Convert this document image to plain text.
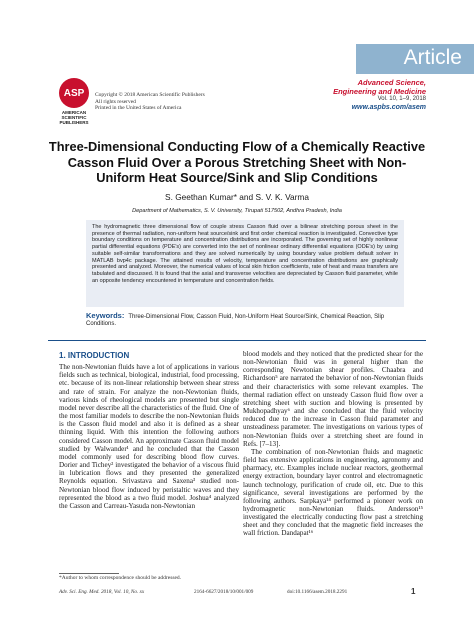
Article
ASP
AMERICAN SCIENTIFIC PUBLISHERS
Copyright © 2018 American Scientific Publishers
All rights reserved
Printed in the United States of America
Advanced Science,
Engineering and Medicine
Vol. 10, 1–9, 2018
www.aspbs.com/asem
Three-Dimensional Conducting Flow of a Chemically Reactive Casson Fluid Over a Porous Stretching Sheet with Non-Uniform Heat Source/Sink and Slip Conditions
S. Geethan Kumar* and S. V. K. Varma
Department of Mathematics, S. V. University, Tirupati 517502, Andhra Pradesh, India

The hydromagnetic three dimensional flow of couple stress Casson fluid over a bilinear stretching porous sheet in the presence of thermal radiation, non-uniform heat source/sink and first order chemical reaction is investigated. Convective type boundary conditions on temperature and concentration distributions are incorporated. The governing set of highly nonlinear partial differential equations (PDE's) are converted into the set of nonlinear ordinary differential equations (ODE's) by using suitable self-similar transformations and they are solved numerically by using boundary value problem default solver in MATLAB bvp4c package. The attained results of velocity, temperature and concentration distributions are graphically presented and analyzed. Moreover, the numerical values of local skin friction coefficients, rate of heat and mass transfers are tabulated and discussed. It is found that the axial and transverse velocities are depreciated by Casson fluid parameter, while an opposite tendency encountered in temperature and concentration fields.

Keywords: Three-Dimensional Flow, Casson Fluid, Non-Uniform Heat Source/Sink, Chemical Reaction, Slip Conditions.
1. INTRODUCTION

The non-Newtonian fluids have a lot of applications in various fields such as technical, biological, industrial, food processing, etc. because of its non-linear relationship between shear stress and rate of strain. For analyze the non-Newtonian fluids, various kinds of rheological models are presented but single model never describe all the characteristics of the fluid. One of the most familiar models to describe the non-Newtonian fluids is the Casson fluid model and also it is defined as a shear thinning liquid. With this intention the following authors considered Casson model. An approximate Casson fluid model studied by Walwander¹ and he concluded that the Casson model commonly used for describing blood flow curves. Dorier and Tichey² investigated the behavior of a viscous fluid in lubrication flows and they presented the generalized Reynolds equation. Srivastava and Saxena³ studied non-Newtonian blood flow induced by peristaltic waves and they represented the blood as a two fluid model. Joshua⁴ analyzed the Casson and Carreau-Yasuda non-Newtonian

blood models and they noticed that the predicted shear for the non-Newtonian fluid was in general higher than the corresponding Newtonian shear profiles. Chaabra and Richardson⁵ are narrated the behavior of non-Newtonian fluids and their characteristics with some relevant examples. The thermal radiation effect on unsteady Casson fluid flow over a stretching sheet with suction and blowing is presented by Mukhopadhyay⁶ and she concluded that the fluid velocity reduced due to the increase in Casson fluid parameter and unsteadiness parameter. The investigations on various types of non-Newtonian fluids over a stretching sheet are found in Refs. [7–13].

The combination of non-Newtonian fluids and magnetic field has extensive applications in engineering, agronomy and pharmacy, etc. Examples include nuclear reactors, geothermal energy extraction, boundary layer control and electromagnetic launch technology, purification of crude oil, etc. Due to this significance, several investigations are performed by the following authors. Sarpkaya¹⁴ performed a pioneer work on hydromagnetic non-Newtonian fluids. Andersson¹⁵ investigated the electrically conducting flow past a stretching sheet and they concluded that the magnetic field increases the wall friction. Dandapat¹⁶

*Author to whom correspondence should be addressed.
Adv. Sci. Eng. Med. 2018, Vol. 10, No. xx	2164-6627/2018/10/001/009	doi:10.1166/asem.2018.2291	1
